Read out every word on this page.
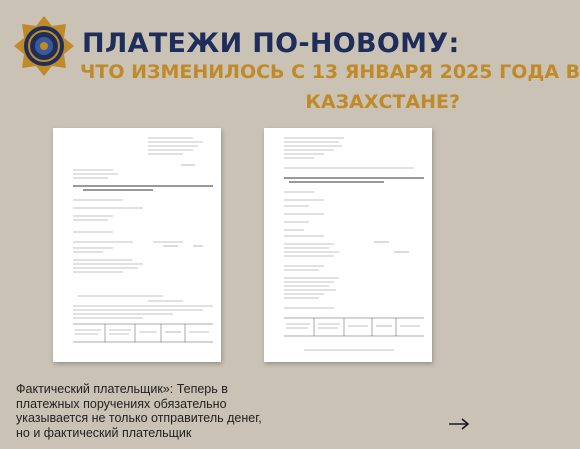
ПЛАТЕЖИ ПО-НОВОМУ:
ЧТО ИЗМЕНИЛОСЬ С 13 ЯНВАРЯ 2025 ГОДА В
КАЗАХСТАНЕ?
Фактический плательщик»: Теперь в
платежных поручениях обязательно
указывается не только отправитель денег,
но и фактический плательщик
